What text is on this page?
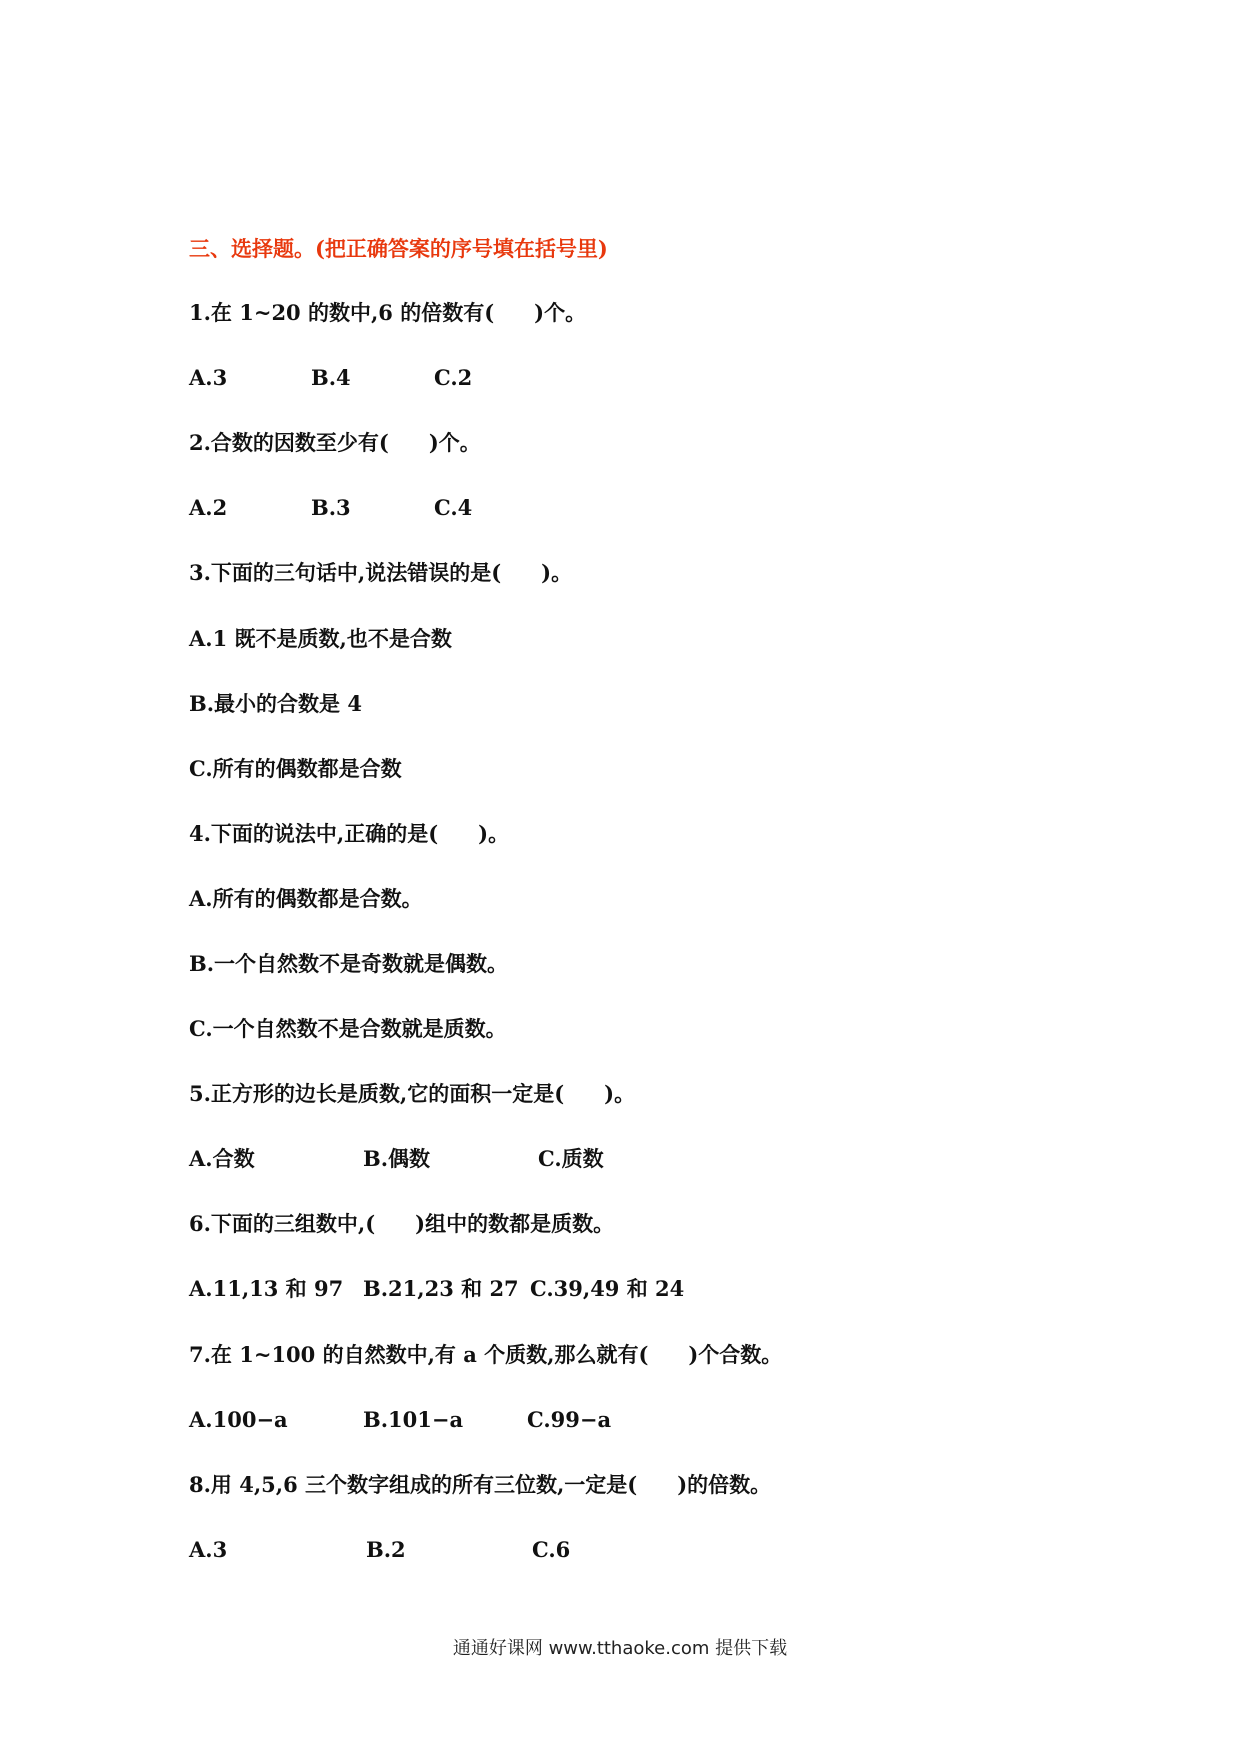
三、选择题。(把正确答案的序号填在括号里)
1.在 1~20 的数中,6 的倍数有( )个。
A.3	B.4	C.2
2.合数的因数至少有( )个。
A.2	B.3	C.4
3.下面的三句话中,说法错误的是( )。
A.1 既不是质数,也不是合数
B.最小的合数是 4
C.所有的偶数都是合数
4.下面的说法中,正确的是( )。
A.所有的偶数都是合数。
B.一个自然数不是奇数就是偶数。
C.一个自然数不是合数就是质数。
5.正方形的边长是质数,它的面积一定是( )。
A.合数	B.偶数	C.质数
6.下面的三组数中,( )组中的数都是质数。
A.11,13 和 97 B.21,23 和 27 C.39,49 和 24
7.在 1~100 的自然数中,有 a 个质数,那么就有( )个合数。
A.100−a	B.101−a	C.99−a
8.用 4,5,6 三个数字组成的所有三位数,一定是( )的倍数。
A.3	B.2	C.6
通通好课网 www.tthaoke.com 提供下载
